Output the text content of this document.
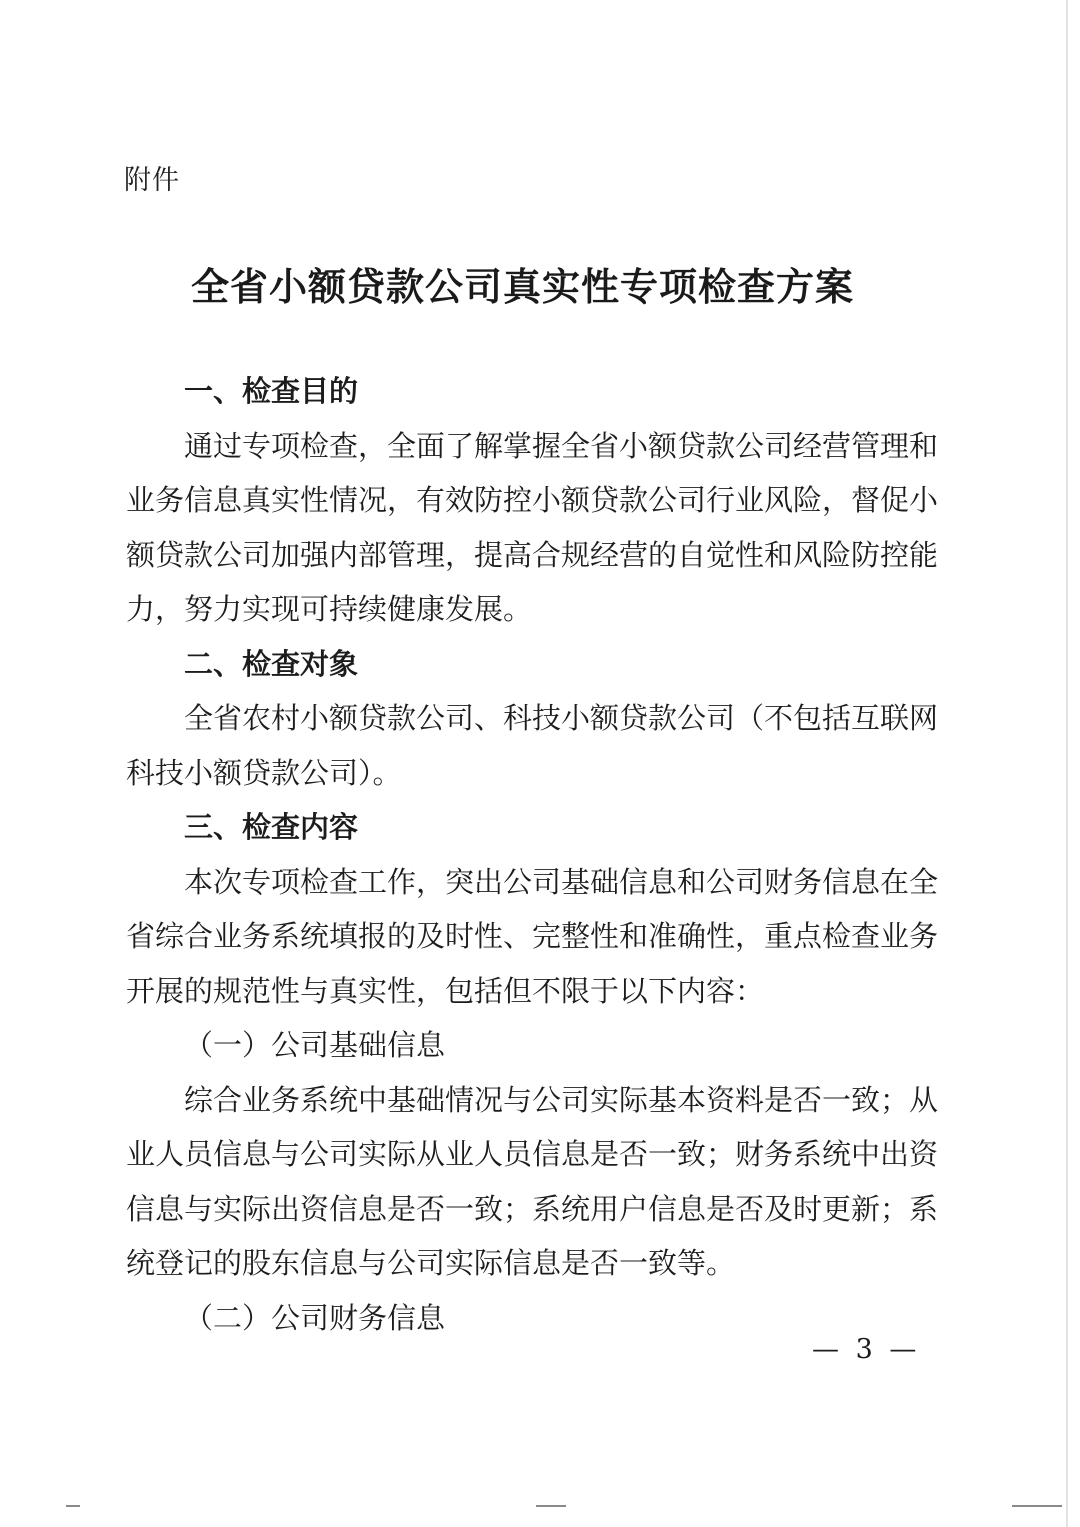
附件
全省小额贷款公司真实性专项检查方案
一、检查目的
通过专项检查，全面了解掌握全省小额贷款公司经营管理和
业务信息真实性情况，有效防控小额贷款公司行业风险，督促小
额贷款公司加强内部管理，提高合规经营的自觉性和风险防控能
力，努力实现可持续健康发展。
二、检查对象
全省农村小额贷款公司、科技小额贷款公司（不包括互联网
科技小额贷款公司）。
三、检查内容
本次专项检查工作，突出公司基础信息和公司财务信息在全
省综合业务系统填报的及时性、完整性和准确性，重点检查业务
开展的规范性与真实性，包括但不限于以下内容：
（一）公司基础信息
综合业务系统中基础情况与公司实际基本资料是否一致；从
业人员信息与公司实际从业人员信息是否一致；财务系统中出资
信息与实际出资信息是否一致；系统用户信息是否及时更新；系
统登记的股东信息与公司实际信息是否一致等。
（二）公司财务信息
— 3 —
